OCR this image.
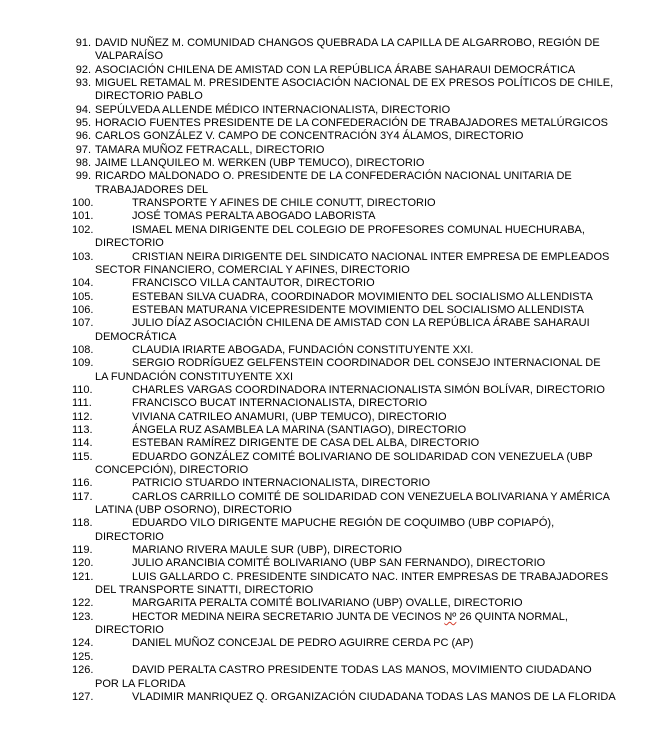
91. DAVID NUÑEZ M. COMUNIDAD CHANGOS QUEBRADA LA CAPILLA DE ALGARROBO, REGIÓN DE VALPARAÍSO
92. ASOCIACIÓN CHILENA DE AMISTAD CON LA REPÚBLICA ÁRABE SAHARAUI DEMOCRÁTICA
93. MIGUEL RETAMAL M. PRESIDENTE ASOCIACIÓN NACIONAL DE EX PRESOS POLÍTICOS DE CHILE, DIRECTORIO PABLO
94. SEPÚLVEDA ALLENDE MÉDICO INTERNACIONALISTA, DIRECTORIO
95. HORACIO FUENTES PRESIDENTE DE LA CONFEDERACIÓN DE TRABAJADORES METALÚRGICOS
96. CARLOS GONZÁLEZ V. CAMPO DE CONCENTRACIÓN 3Y4 ÁLAMOS, DIRECTORIO
97. TAMARA MUÑOZ FETRACALL, DIRECTORIO
98. JAIME LLANQUILEO M. WERKEN (UBP TEMUCO), DIRECTORIO
99. RICARDO MALDONADO O. PRESIDENTE DE LA CONFEDERACIÓN NACIONAL UNITARIA DE TRABAJADORES DEL
100.	TRANSPORTE Y AFINES DE CHILE CONUTT, DIRECTORIO
101.	JOSÉ TOMAS PERALTA ABOGADO LABORISTA
102.	ISMAEL MENA DIRIGENTE DEL COLEGIO DE PROFESORES COMUNAL HUECHURABA, DIRECTORIO
103.	CRISTIAN NEIRA DIRIGENTE DEL SINDICATO NACIONAL INTER EMPRESA DE EMPLEADOS SECTOR FINANCIERO, COMERCIAL Y AFINES, DIRECTORIO
104.	FRANCISCO VILLA CANTAUTOR, DIRECTORIO
105.	ESTEBAN SILVA CUADRA, COORDINADOR MOVIMIENTO DEL SOCIALISMO ALLENDISTA
106.	ESTEBAN MATURANA VICEPRESIDENTE MOVIMIENTO DEL SOCIALISMO ALLENDISTA
107.	JULIO DÍAZ ASOCIACIÓN CHILENA DE AMISTAD CON LA REPÚBLICA ÁRABE SAHARAUI DEMOCRÁTICA
108.	CLAUDIA IRIARTE ABOGADA, FUNDACIÓN CONSTITUYENTE XXI.
109.	SERGIO RODRÍGUEZ GELFENSTEIN COORDINADOR DEL CONSEJO INTERNACIONAL DE LA FUNDACIÓN CONSTITUYENTE XXI
110.	CHARLES VARGAS COORDINADORA INTERNACIONALISTA SIMÓN BOLÍVAR, DIRECTORIO
111.	FRANCISCO BUCAT INTERNACIONALISTA, DIRECTORIO
112.	VIVIANA CATRILEO ANAMURI, (UBP TEMUCO), DIRECTORIO
113.	ÁNGELA RUZ ASAMBLEA LA MARINA (SANTIAGO), DIRECTORIO
114.	ESTEBAN RAMÍREZ DIRIGENTE DE CASA DEL ALBA, DIRECTORIO
115.	EDUARDO GONZÁLEZ COMITÉ BOLIVARIANO DE SOLIDARIDAD CON VENEZUELA (UBP CONCEPCIÓN), DIRECTORIO
116.	PATRICIO STUARDO INTERNACIONALISTA, DIRECTORIO
117.	CARLOS CARRILLO COMITÉ DE SOLIDARIDAD CON VENEZUELA BOLIVARIANA Y AMÉRICA LATINA (UBP OSORNO), DIRECTORIO
118.	EDUARDO VILO DIRIGENTE MAPUCHE REGIÓN DE COQUIMBO (UBP COPIAPÓ), DIRECTORIO
119.	MARIANO RIVERA MAULE SUR (UBP), DIRECTORIO
120.	JULIO ARANCIBIA COMITÉ BOLIVARIANO (UBP SAN FERNANDO), DIRECTORIO
121.	LUIS GALLARDO C. PRESIDENTE SINDICATO NAC. INTER EMPRESAS DE TRABAJADORES DEL TRANSPORTE SINATTI, DIRECTORIO
122.	MARGARITA PERALTA COMITÉ BOLIVARIANO (UBP) OVALLE, DIRECTORIO
123.	HECTOR MEDINA NEIRA SECRETARIO JUNTA DE VECINOS Nº 26 QUINTA NORMAL, DIRECTORIO
124.	DANIEL MUÑOZ CONCEJAL DE PEDRO AGUIRRE CERDA PC (AP)
125.

126.	DAVID PERALTA CASTRO PRESIDENTE TODAS LAS MANOS, MOVIMIENTO CIUDADANO POR LA FLORIDA
127.	VLADIMIR MANRIQUEZ Q. ORGANIZACIÓN CIUDADANA TODAS LAS MANOS DE LA FLORIDA
